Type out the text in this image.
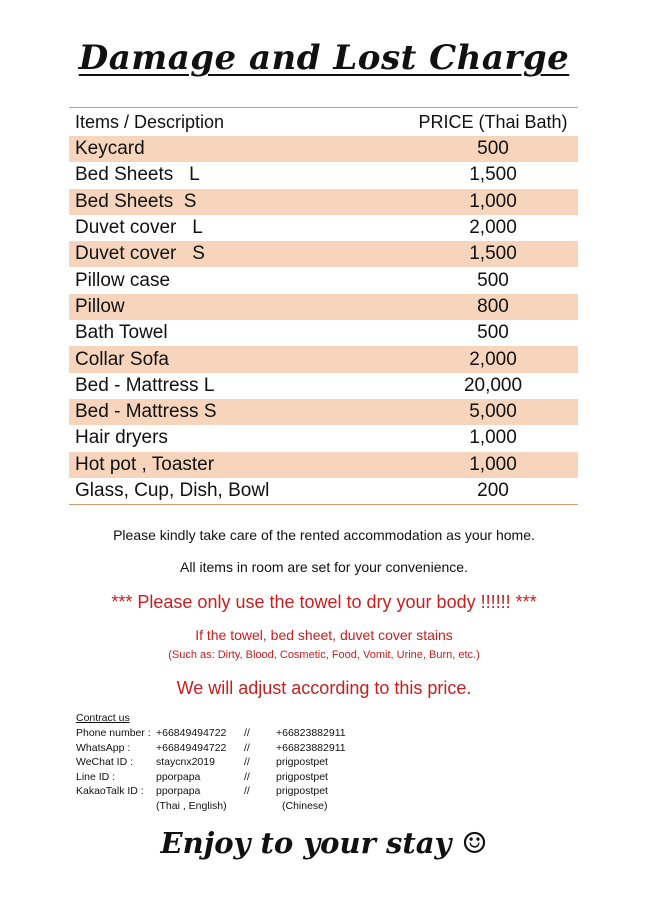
Damage and Lost Charge
Items / Description	PRICE (Thai Bath)
Keycard	500
Bed Sheets   L	1,500
Bed Sheets  S	1,000
Duvet cover   L	2,000
Duvet cover   S	1,500
Pillow case	500
Pillow	800
Bath Towel	500
Collar Sofa	2,000
Bed - Mattress L	20,000
Bed - Mattress S	5,000
Hair dryers	1,000
Hot pot , Toaster	1,000
Glass, Cup, Dish, Bowl	200
Please kindly take care of the rented accommodation as your home.
All items in room are set for your convenience.
*** Please only use the towel to dry your body !!!!!! ***
If the towel, bed sheet, duvet cover stains
(Such as: Dirty, Blood, Cosmetic, Food, Vomit, Urine, Burn, etc.)
We will adjust according to this price.
Contract us
Phone number : +66849494722	//	+66823882911
WhatsApp :	+66849494722	//	+66823882911
WeChat ID :	staycnx2019	//	prigpostpet
Line ID :	pporpapa	//	prigpostpet
KakaoTalk ID :	pporpapa	//	prigpostpet
(Thai , English)	(Chinese)
Enjoy to your stay ☺
